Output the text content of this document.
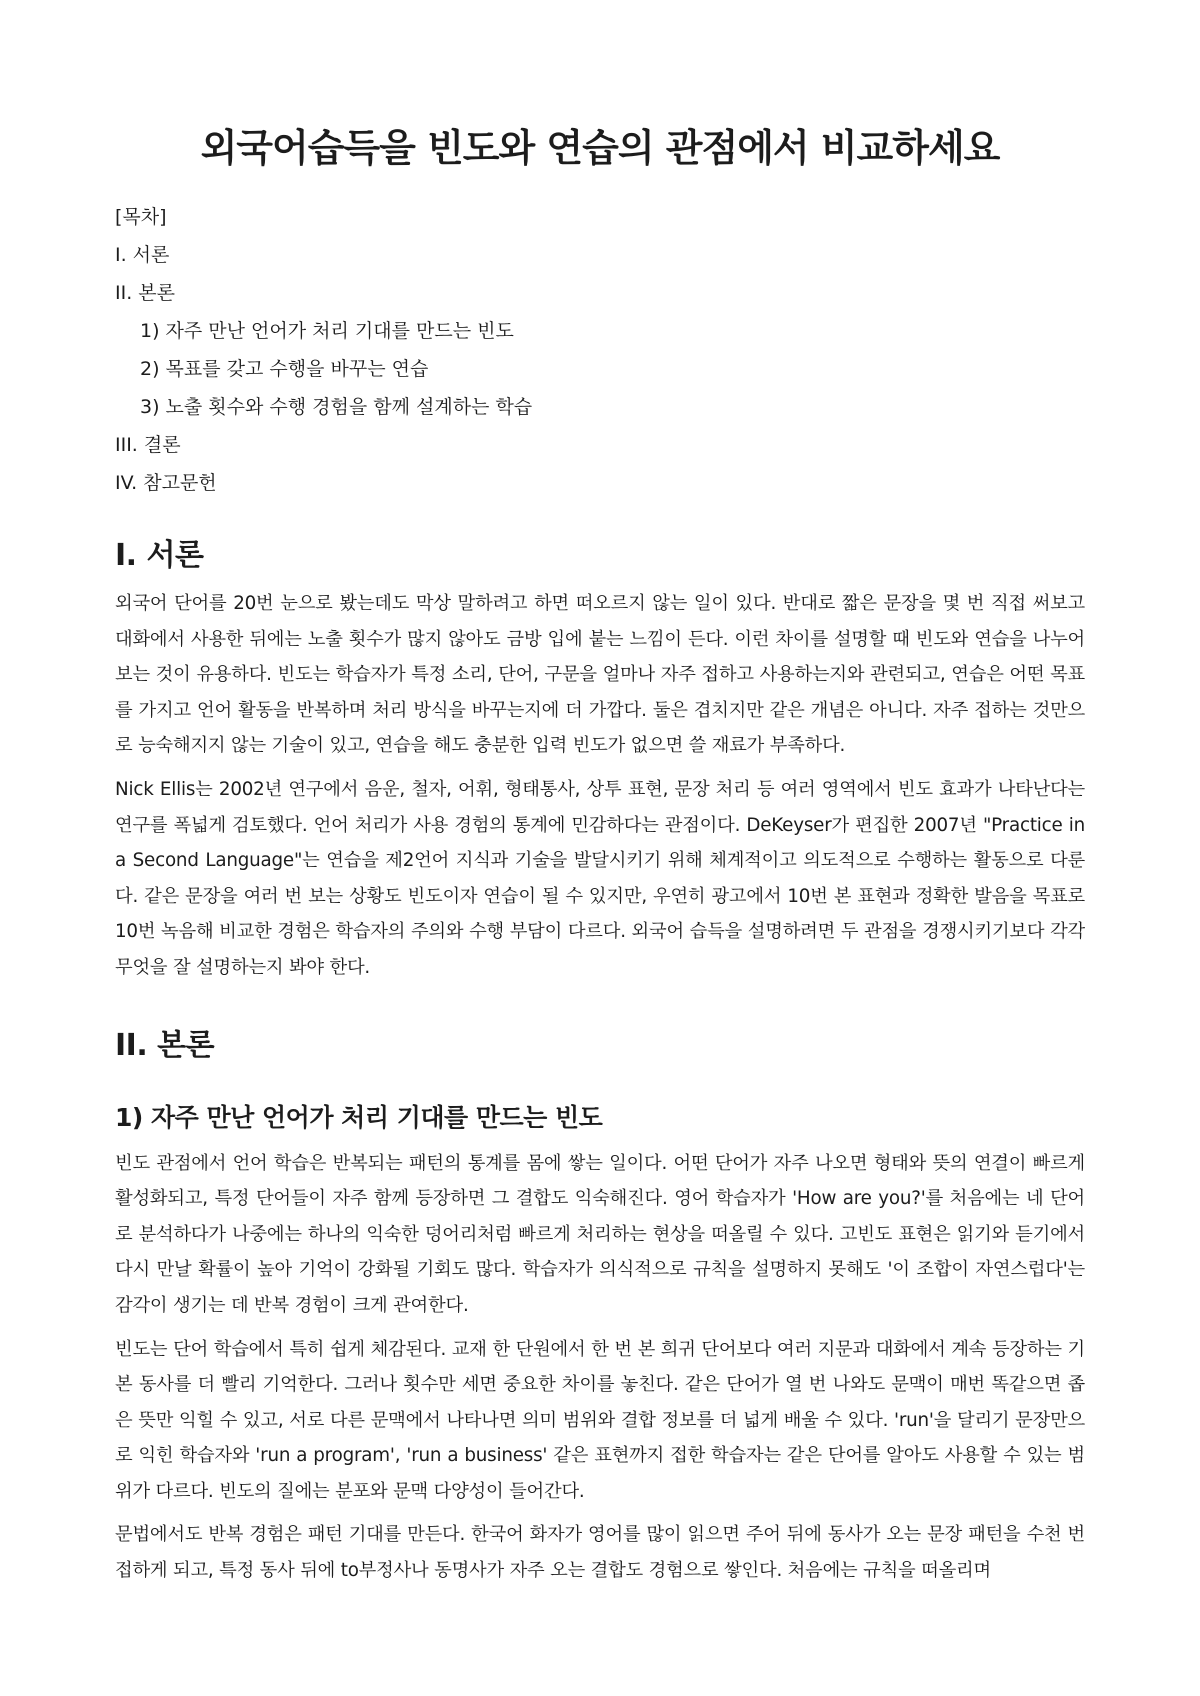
외국어습득을 빈도와 연습의 관점에서 비교하세요
[목차]
I. 서론
II. 본론
1) 자주 만난 언어가 처리 기대를 만드는 빈도
2) 목표를 갖고 수행을 바꾸는 연습
3) 노출 횟수와 수행 경험을 함께 설계하는 학습
III. 결론
IV. 참고문헌
I. 서론

외국어 단어를 20번 눈으로 봤는데도 막상 말하려고 하면 떠오르지 않는 일이 있다. 반대로 짧은 문장을 몇 번 직접 써보고 대화에서 사용한 뒤에는 노출 횟수가 많지 않아도 금방 입에 붙는 느낌이 든다. 이런 차이를 설명할 때 빈도와 연습을 나누어 보는 것이 유용하다. 빈도는 학습자가 특정 소리, 단어, 구문을 얼마나 자주 접하고 사용하는지와 관련되고, 연습은 어떤 목표를 가지고 언어 활동을 반복하며 처리 방식을 바꾸는지에 더 가깝다. 둘은 겹치지만 같은 개념은 아니다. 자주 접하는 것만으로 능숙해지지 않는 기술이 있고, 연습을 해도 충분한 입력 빈도가 없으면 쓸 재료가 부족하다.

Nick Ellis는 2002년 연구에서 음운, 철자, 어휘, 형태통사, 상투 표현, 문장 처리 등 여러 영역에서 빈도 효과가 나타난다는 연구를 폭넓게 검토했다. 언어 처리가 사용 경험의 통계에 민감하다는 관점이다. DeKeyser가 편집한 2007년 "Practice in a Second Language"는 연습을 제2언어 지식과 기술을 발달시키기 위해 체계적이고 의도적으로 수행하는 활동으로 다룬다. 같은 문장을 여러 번 보는 상황도 빈도이자 연습이 될 수 있지만, 우연히 광고에서 10번 본 표현과 정확한 발음을 목표로 10번 녹음해 비교한 경험은 학습자의 주의와 수행 부담이 다르다. 외국어 습득을 설명하려면 두 관점을 경쟁시키기보다 각각 무엇을 잘 설명하는지 봐야 한다.

II. 본론
1) 자주 만난 언어가 처리 기대를 만드는 빈도

빈도 관점에서 언어 학습은 반복되는 패턴의 통계를 몸에 쌓는 일이다. 어떤 단어가 자주 나오면 형태와 뜻의 연결이 빠르게 활성화되고, 특정 단어들이 자주 함께 등장하면 그 결합도 익숙해진다. 영어 학습자가 'How are you?'를 처음에는 네 단어로 분석하다가 나중에는 하나의 익숙한 덩어리처럼 빠르게 처리하는 현상을 떠올릴 수 있다. 고빈도 표현은 읽기와 듣기에서 다시 만날 확률이 높아 기억이 강화될 기회도 많다. 학습자가 의식적으로 규칙을 설명하지 못해도 '이 조합이 자연스럽다'는 감각이 생기는 데 반복 경험이 크게 관여한다.

빈도는 단어 학습에서 특히 쉽게 체감된다. 교재 한 단원에서 한 번 본 희귀 단어보다 여러 지문과 대화에서 계속 등장하는 기본 동사를 더 빨리 기억한다. 그러나 횟수만 세면 중요한 차이를 놓친다. 같은 단어가 열 번 나와도 문맥이 매번 똑같으면 좁은 뜻만 익힐 수 있고, 서로 다른 문맥에서 나타나면 의미 범위와 결합 정보를 더 넓게 배울 수 있다. 'run'을 달리기 문장만으로 익힌 학습자와 'run a program', 'run a business' 같은 표현까지 접한 학습자는 같은 단어를 알아도 사용할 수 있는 범위가 다르다. 빈도의 질에는 분포와 문맥 다양성이 들어간다.

문법에서도 반복 경험은 패턴 기대를 만든다. 한국어 화자가 영어를 많이 읽으면 주어 뒤에 동사가 오는 문장 패턴을 수천 번 접하게 되고, 특정 동사 뒤에 to부정사나 동명사가 자주 오는 결합도 경험으로 쌓인다. 처음에는 규칙을 떠올리며
